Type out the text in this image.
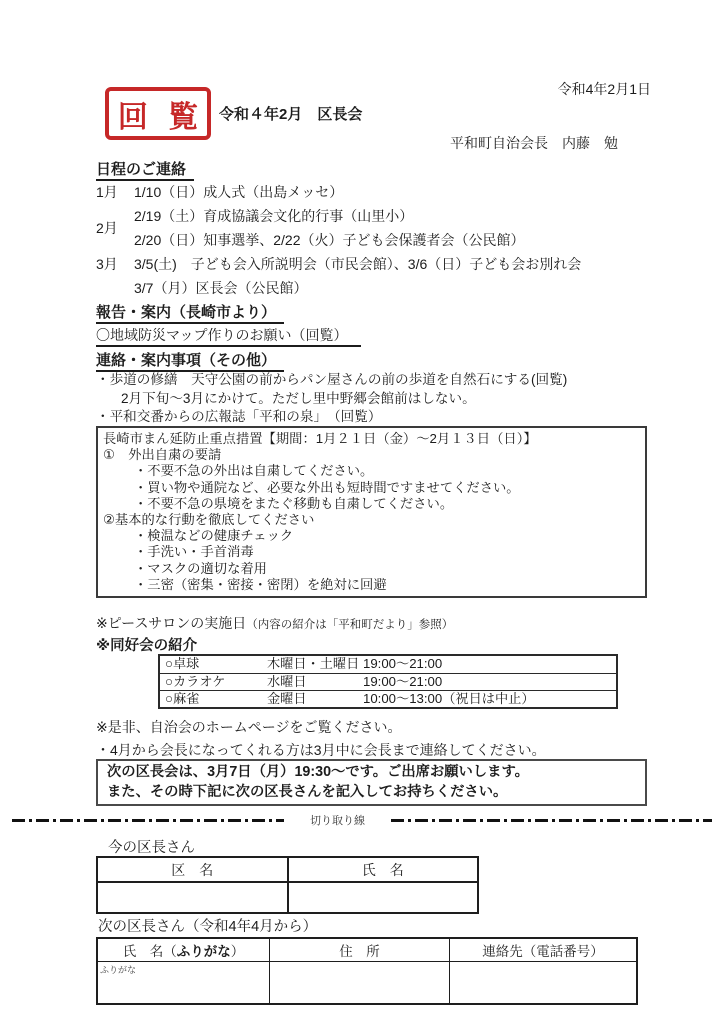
令和4年2月1日
回 覧 令和４年2月　区長会
平和町自治会長　内藤　勉
日程のご連絡
1月	1/10（日）成人式（出島メッセ）
2月
2/19（土）育成協議会文化的行事（山里小）
2/20（日）知事選挙、2/22（火）子ども会保護者会（公民館）
3月	3/5(土)　子ども会入所説明会（市民会館）、3/6（日）子ども会お別れ会
3/7（月）区長会（公民館）
報告・案内（長崎市より）
〇地域防災マップ作りのお願い（回覧）
連絡・案内事項（その他）
・歩道の修繕　天守公園の前からパン屋さんの前の歩道を自然石にする(回覧)
2月下旬～3月にかけて。ただし里中野郷会館前はしない。
・平和交番からの広報誌「平和の泉」　（回覧）
長崎市まん延防止重点措置【期間：1月２１日（金）～2月１３日（日）】
①　外出自粛の要請
・不要不急の外出は自粛してください。
・買い物や通院など、必要な外出も短時間ですませてください。
・不要不急の県境をまたぐ移動も自粛してください。
②基本的な行動を徹底してください
・検温などの健康チェック
・手洗い・手首消毒
・マスクの適切な着用
・三密（密集・密接・密閉）を絶対に回避
※ピースサロンの実施日（内容の紹介は「平和町だより」参照）
※同好会の紹介
○卓球	木曜日・土曜日 19:00～21:00
○カラオケ	水曜日	19:00～21:00
○麻雀	金曜日	10:00～13:00（祝日は中止）
※是非、自治会のホームページをご覧ください。
・4月から会長になってくれる方は3月中に会長まで連絡してください。
次の区長会は、3月7日（月）19:30～です。ご出席お願いします。
また、その時下記に次の区長さんを記入してお持ちください。
切り取り線
今の区長さん
区　名	氏　名
次の区長さん（令和4年4月から）
氏　名（ ふりがな ）	住　所	連絡先（電話番号）
ふりがな
